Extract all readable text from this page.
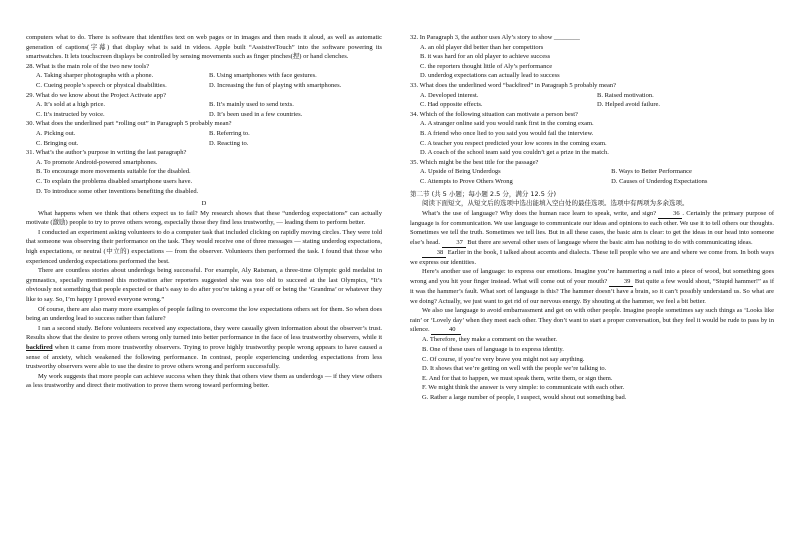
computers what to do. There is software that identifies text on web pages or in images and then reads it aloud, as well as automatic generation of captions(字幕) that display what is said in videos. Apple built “AssistiveTouch” into the software powering its smartwatches. It lets touchscreen displays be controlled by sensing movements such as finger pinches(捏) or hand clenches.

28. What is the main role of the two new tools?

A. Taking sharper photographs with a phone.	B. Using smartphones with face gestures.
C. Cueing people’s speech or physical disabilities.	D. Increasing the fun of playing with smartphones.

29. What do we know about the Project Activate app?

A. It’s sold at a high price.	B. It’s mainly used to send texts.
C. It’s instructed by voice.	D. It’s been used in a few countries.

30. What does the underlined part “rolling out” in Paragraph 5 probably mean?

A. Picking out.	B. Referring to.
C. Bringing out.	D. Reacting to.

31. What’s the author’s purpose in writing the last paragraph?

A. To promote Android-powered smartphones.

B. To encourage more movements suitable for the disabled.

C. To explain the problems disabled smartphone users have.

D. To introduce some other inventions benefiting the disabled.

D

What happens when we think that others expect us to fail? My research shows that these “underdog expectations” can actually motivate (激励) people to try to prove others wrong, especially those they find less trustworthy, — leading them to perform better.

I conducted an experiment asking volunteers to do a computer task that included clicking on rapidly moving circles. They were told that someone was observing their performance on the task. They would receive one of three messages — stating underdog expectations, high expectations, or neutral (中立的) expectations — from the observer. Volunteers then performed the task. I found that those who experienced underdog expectations performed the best.

There are countless stories about underdogs being successful. For example, Aly Raisman, a three-time Olympic gold medalist in gymnastics, specially mentioned this motivation after reporters suggested she was too old to succeed at the last Olympics, “It’s obviously not something that people expected or that’s easy to do after you’re taking a year off or being the ‘Grandma’ or whatever they like to say. So, I’m happy I proved everyone wrong.”

Of course, there are also many more examples of people failing to overcome the low expectations others set for them. So when does being an underdog lead to success rather than failure?

I ran a second study. Before volunteers received any expectations, they were casually given information about the observer’s trust. Results show that the desire to prove others wrong only turned into better performance in the face of less trustworthy observers, while it backfired when it came from more trustworthy observers. Trying to prove highly trustworthy people wrong appears to have caused a sense of anxiety, which weakened the following performance. In contrast, people experiencing underdog expectations from less trustworthy observers were able to use the desire to prove others wrong and perform successfully.

My work suggests that more people can achieve success when they think that others view them as underdogs — if they view others as less trustworthy and direct their motivation to prove them wrong toward performing better.

32. In Paragraph 3, the author uses Aly’s story to show ________

A. an old player did better than her competitors

B. it was hard for an old player to achieve success

C. the reporters thought little of Aly’s performance

D. underdog expectations can actually lead to success

33. What does the underlined word “backfired” in Paragraph 5 probably mean?

A. Developed interest.	B. Raised motivation.
C. Had opposite effects.	D. Helped avoid failure.

34. Which of the following situation can motivate a person best?

A. A stranger online said you would rank first in the coming exam.

B. A friend who once lied to you said you would fail the interview.

C. A teacher you respect predicted your low scores in the coming exam.

D. A coach of the school team said you couldn’t get a prize in the match.

35. Which might be the best title for the passage?

A. Upside of Being Underdogs	B. Ways to Better Performance
C. Attempts to Prove Others Wrong	D. Causes of Underdog Expectations

第二节 (共 5 小题；每小题 2.5 分，满分 12.5 分)

阅读下面短文，从短文后的选项中选出能填入空白处的最佳选项。选项中有两项为多余选项。

What’s the use of language? Why does the human race learn to speak, write, and sign? 36 . Certainly the primary purpose of language is for communication. We use language to communicate our ideas and opinions to each other. We use it to tell others our thoughts. Sometimes we tell the truth. Sometimes we tell lies. But in all these cases, the basic aim is clear: to get the ideas in our head into someone else’s head. 37 But there are several other uses of language where the basic aim has nothing to do with communicating ideas.

38 Earlier in the book, I talked about accents and dialects. These tell people who we are and where we come from. In both ways we express our identities.

Here’s another use of language: to express our emotions. Imagine you’re hammering a nail into a piece of wood, but something goes wrong and you hit your finger instead. What will come out of your mouth? 39 But quite a few would shout, “Stupid hammer!” as if it was the hammer’s fault. What sort of language is this? The hammer doesn’t have a brain, so it can’t possibly understand us. So what are we doing? Actually, we just want to get rid of our nervous energy. By shouting at the hammer, we feel a bit better.

We also use language to avoid embarrassment and get on with other people. Imagine people sometimes say such things as ‘Looks like rain’ or ‘Lovely day’ when they meet each other. They don’t want to start a proper conversation, but they feel it would be rude to pass by in silence.	40

A. Therefore, they make a comment on the weather.

B. One of these uses of language is to express identity.

C. Of course, if you’re very brave you might not say anything.

D. It shows that we’re getting on well with the people we’re talking to.

E. And for that to happen, we must speak them, write them, or sign them.

F. We might think the answer is very simple: to communicate with each other.

G. Rather a large number of people, I suspect, would shout out something bad.
